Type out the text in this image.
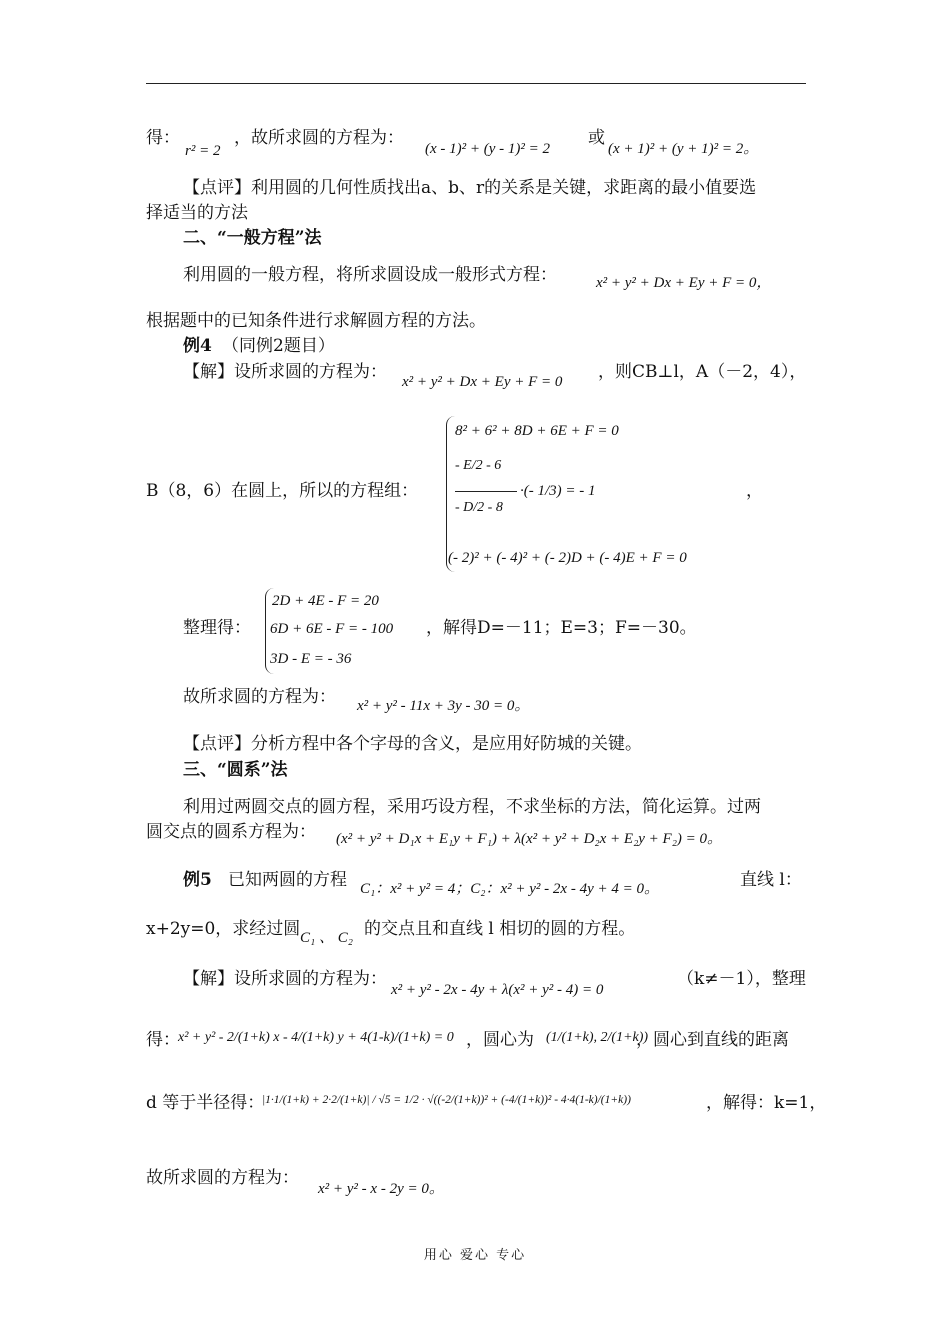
得：
r² = 2
，故所求圆的方程为：
(x - 1)² + (y - 1)² = 2
或
(x + 1)² + (y + 1)² = 2。
【点评】利用圆的几何性质找出a、b、r的关系是关键，求距离的最小值要选
择适当的方法
二、“一般方程”法
利用圆的一般方程，将所求圆设成一般形式方程：	x² + y² + Dx + Ey + F = 0，
根据题中的已知条件进行求解圆方程的方法。
例4 （同例2题目）
【解】设所求圆的方程为： x² + y² + Dx + Ey + F = 0 ，则CB⊥l，A（－2，4），
B（8，6）在圆上，所以的方程组：
8² + 6² + 8D + 6E + F = 0
- E/2 - 6
- D/2 - 8
·(- 1/3) = - 1
(- 2)² + (- 4)² + (- 2)D + (- 4)E + F = 0
，
整理得：
2D + 4E - F = 20
6D + 6E - F = - 100
3D - E = - 36
，解得D=－11；E=3；F=－30。
故所求圆的方程为： x² + y² - 11x + 3y - 30 = 0。
【点评】分析方程中各个字母的含义，是应用好防城的关键。
三、“圆系”法
利用过两圆交点的圆方程，采用巧设方程，不求坐标的方法，简化运算。过两
圆交点的圆系方程为： (x² + y² + D₁x + E₁y + F₁) + λ(x² + y² + D₂x + E₂y + F₂) = 0。
例5 已知两圆的方程 C₁：x² + y² = 4；C₂：x² + y² - 2x - 4y + 4 = 0。	直线 l：
x+2y=0，求经过圆 C₁ 、 C₂ 的交点且和直线 l 相切的圆的方程。
【解】设所求圆的方程为：
x² + y² - 2x - 4y + λ(x² + y² - 4) = 0
（k≠－1），整理
得：
x² + y² - 2/(1+k) x - 4/(1+k) y + 4(1-k)/(1+k) = 0 ，圆心为 (1/(1+k), 2/(1+k))
，圆心到直线的距离
d 等于半径得：
|1·1/(1+k) + 2·2/(1+k)| / √5 = 1/2 · √((-2/(1+k))² + (-4/(1+k))² - 4·4(1-k)/(1+k))	，解得：k=1，
故所求圆的方程为：
x² + y² - x - 2y = 0。
用心 爱心 专心
